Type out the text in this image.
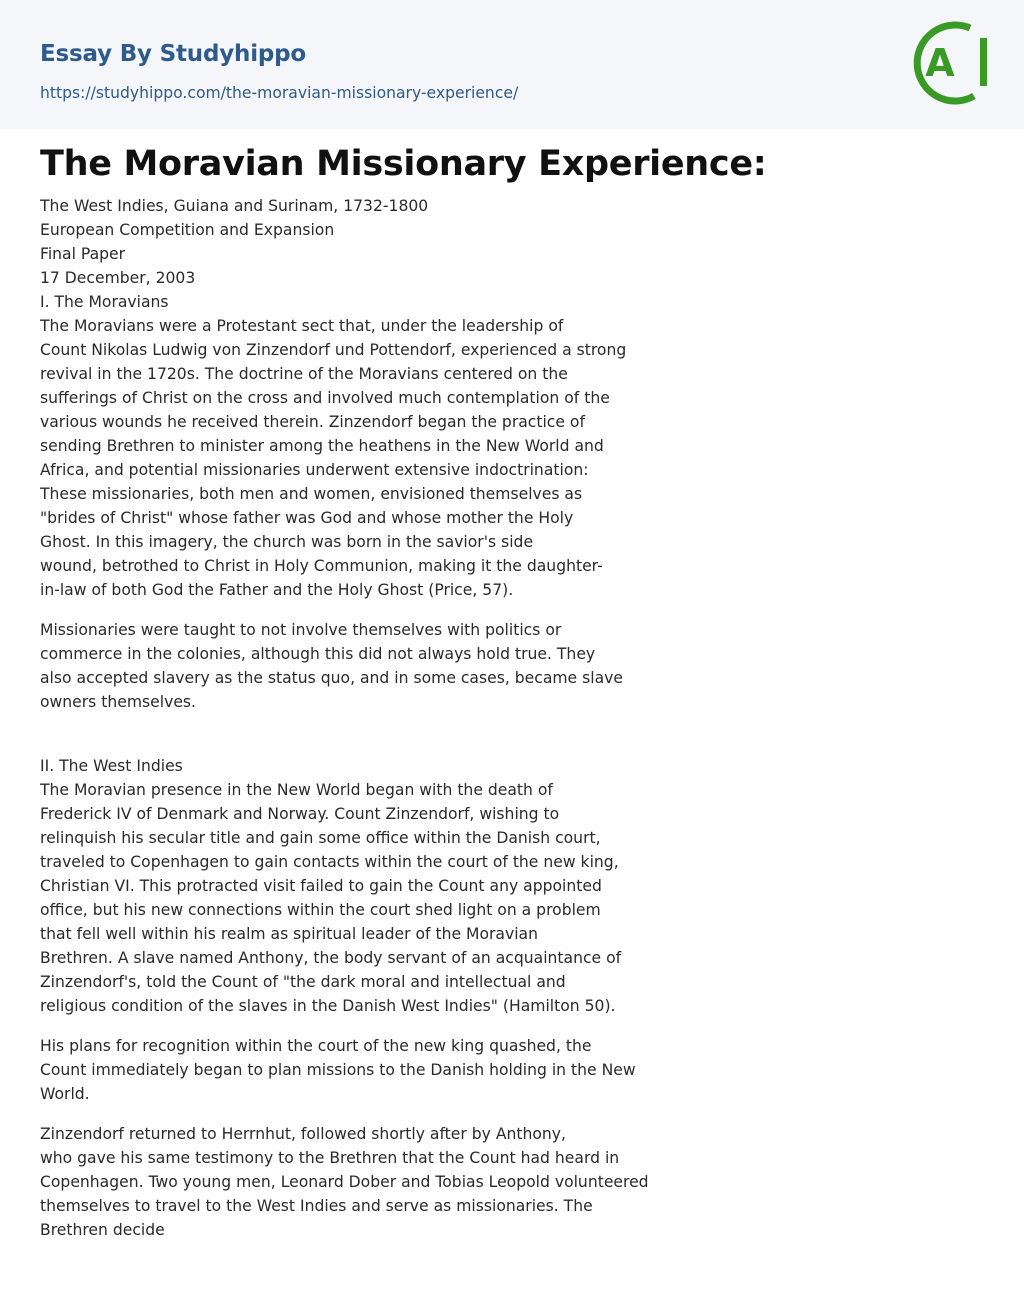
Essay By Studyhippo
https://studyhippo.com/the-moravian-missionary-experience/
A
The Moravian Missionary Experience:
The West Indies, Guiana and Surinam, 1732-1800
European Competition and Expansion
Final Paper
17 December, 2003
I. The Moravians

The Moravians were a Protestant sect that, under the leadership of
Count Nikolas Ludwig von Zinzendorf und Pottendorf, experienced a strong
revival in the 1720s. The doctrine of the Moravians centered on the
sufferings of Christ on the cross and involved much contemplation of the
various wounds he received therein. Zinzendorf began the practice of
sending Brethren to minister among the heathens in the New World and
Africa, and potential missionaries underwent extensive indoctrination:
These missionaries, both men and women, envisioned themselves as
"brides of Christ" whose father was God and whose mother the Holy
Ghost. In this imagery, the church was born in the savior's side
wound, betrothed to Christ in Holy Communion, making it the daughter-
in-law of both God the Father and the Holy Ghost (Price, 57).

Missionaries were taught to not involve themselves with politics or
commerce in the colonies, although this did not always hold true. They
also accepted slavery as the status quo, and in some cases, became slave
owners themselves.

II. The West Indies

The Moravian presence in the New World began with the death of
Frederick IV of Denmark and Norway. Count Zinzendorf, wishing to
relinquish his secular title and gain some office within the Danish court,
traveled to Copenhagen to gain contacts within the court of the new king,
Christian VI. This protracted visit failed to gain the Count any appointed
office, but his new connections within the court shed light on a problem
that fell well within his realm as spiritual leader of the Moravian
Brethren. A slave named Anthony, the body servant of an acquaintance of
Zinzendorf's, told the Count of "the dark moral and intellectual and
religious condition of the slaves in the Danish West Indies" (Hamilton 50).

His plans for recognition within the court of the new king quashed, the
Count immediately began to plan missions to the Danish holding in the New
World.

Zinzendorf returned to Herrnhut, followed shortly after by Anthony,
who gave his same testimony to the Brethren that the Count had heard in
Copenhagen. Two young men, Leonard Dober and Tobias Leopold volunteered
themselves to travel to the West Indies and serve as missionaries. The
Brethren decide
